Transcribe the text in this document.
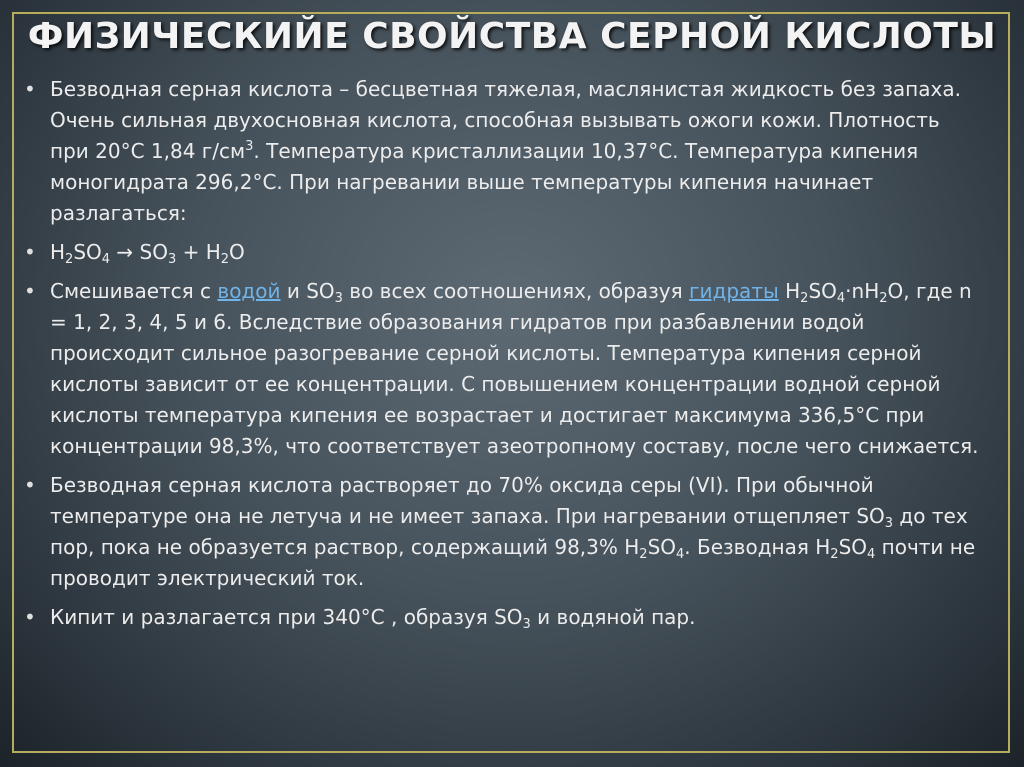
ФИЗИЧЕСКИЙЕ СВОЙСТВА СЕРНОЙ КИСЛОТЫ
• Безводная серная кислота – бесцветная тяжелая, маслянистая жидкость без запаха. Очень сильная двухосновная кислота, способная вызывать ожоги кожи. Плотность при 20°С 1,84 $г/см^3$. Температура кристаллизации 10,37°С. Температура кипения моногидрата 296,2°С. При нагревании выше температуры кипения начинает разлагаться:
• $H_2SO_4 \to SO_3 + H_2O$
• Смешивается с водой и $SO_3$ во всех соотношениях, образуя гидраты $H_2SO_4\cdot nH_2O$, где n = 1, 2, 3, 4, 5 и 6. Вследствие образования гидратов при разбавлении водой происходит сильное разогревание серной кислоты. Температура кипения серной кислоты зависит от ее концентрации. С повышением концентрации водной серной кислоты температура кипения ее возрастает и достигает максимума 336,5°С при концентрации 98,3%, что соответствует азеотропному составу, после чего снижается.
• Безводная серная кислота растворяет до 70% оксида серы (VI). При обычной температуре она не летуча и не имеет запаха. При нагревании отщепляет $SO_3$ до тех пор, пока не образуется раствор, содержащий 98,3% $H_2SO_4$. Безводная $H_2SO_4$ почти не проводит электрический ток.
• Кипит и разлагается при 340°С , образуя $SO_3$ и водяной пар.
